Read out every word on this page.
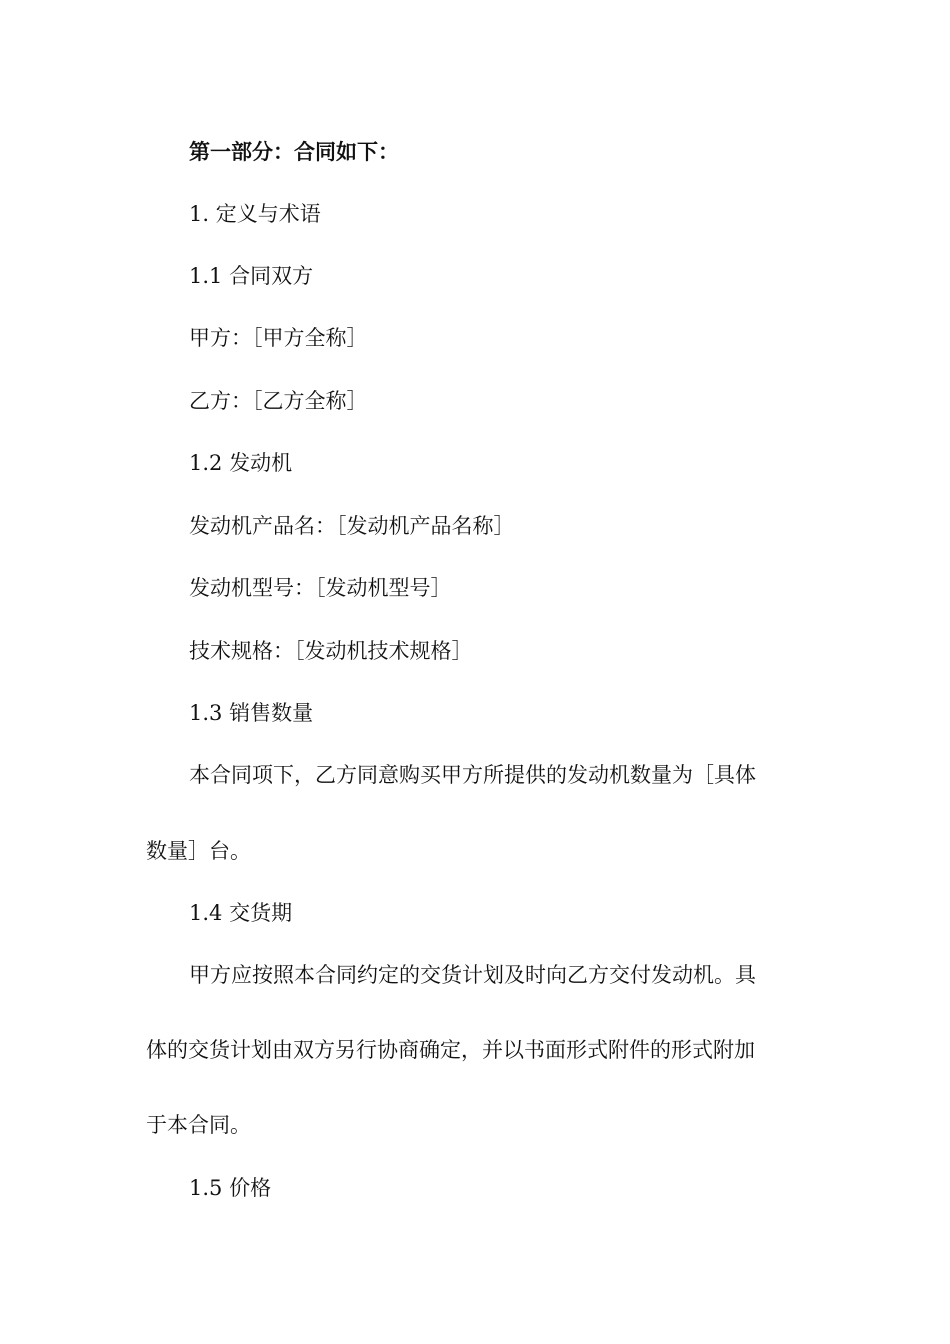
第一部分：合同如下：

1. 定义与术语

1.1 合同双方

甲方：［甲方全称］

乙方：［乙方全称］

1.2 发动机

发动机产品名：［发动机产品名称］

发动机型号：［发动机型号］

技术规格：［发动机技术规格］

1.3 销售数量

本合同项下，乙方同意购买甲方所提供的发动机数量为［具体

数量］台。

1.4 交货期

甲方应按照本合同约定的交货计划及时向乙方交付发动机。具

体的交货计划由双方另行协商确定，并以书面形式附件的形式附加

于本合同。

1.5 价格
